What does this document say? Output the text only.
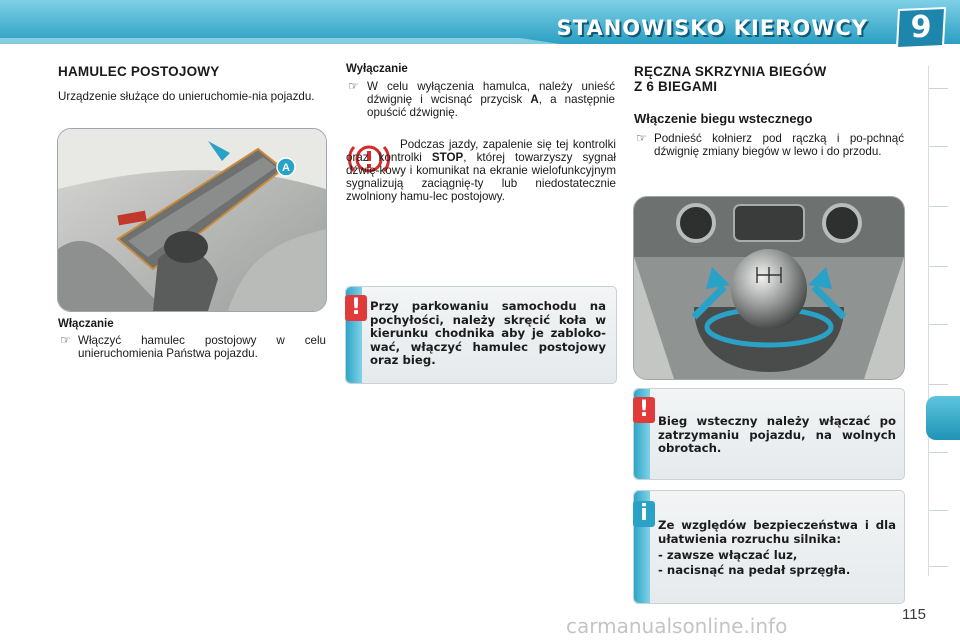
STANOWISKO KIEROWCY	9
HAMULEC POSTOJOWY

Urządzenie służące do unieruchomie-nia pojazdu.

A
Włączanie
☞ Włączyć hamulec postojowy w celu unieruchomienia Państwa pojazdu.

Wyłączanie
☞ W celu wyłączenia hamulca, należy unieść dźwignię i wcisnąć przycisk A, a następnie opuścić dźwignię.

Podczas jazdy, zapalenie się tej kontrolki oraz kontrolki STOP, której towarzyszy sygnał dźwię-kowy i komunikat na ekranie wielofunkcyjnym sygnalizują zaciągnię-ty lub niedostatecznie zwolniony hamu-lec postojowy.

! Przy parkowaniu samochodu na pochyłości, należy skręcić koła w kierunku chodnika aby je zabloko-wać, włączyć hamulec postojowy oraz bieg.

RĘCZNA SKRZYNIA BIEGÓW
Z 6 BIEGAMI
Włączenie biegu wstecznego
☞ Podnieść kołnierz pod rączką i po-pchnąć dźwignię zmiany biegów w lewo i do przodu.

! Bieg wsteczny należy włączać po zatrzymaniu pojazdu, na wolnych obrotach.

i Ze względów bezpieczeństwa i dla ułatwienia rozruchu silnika:

- zawsze włączać luz,

- nacisnąć na pedał sprzęgła.

carmanualsonline.info	115
